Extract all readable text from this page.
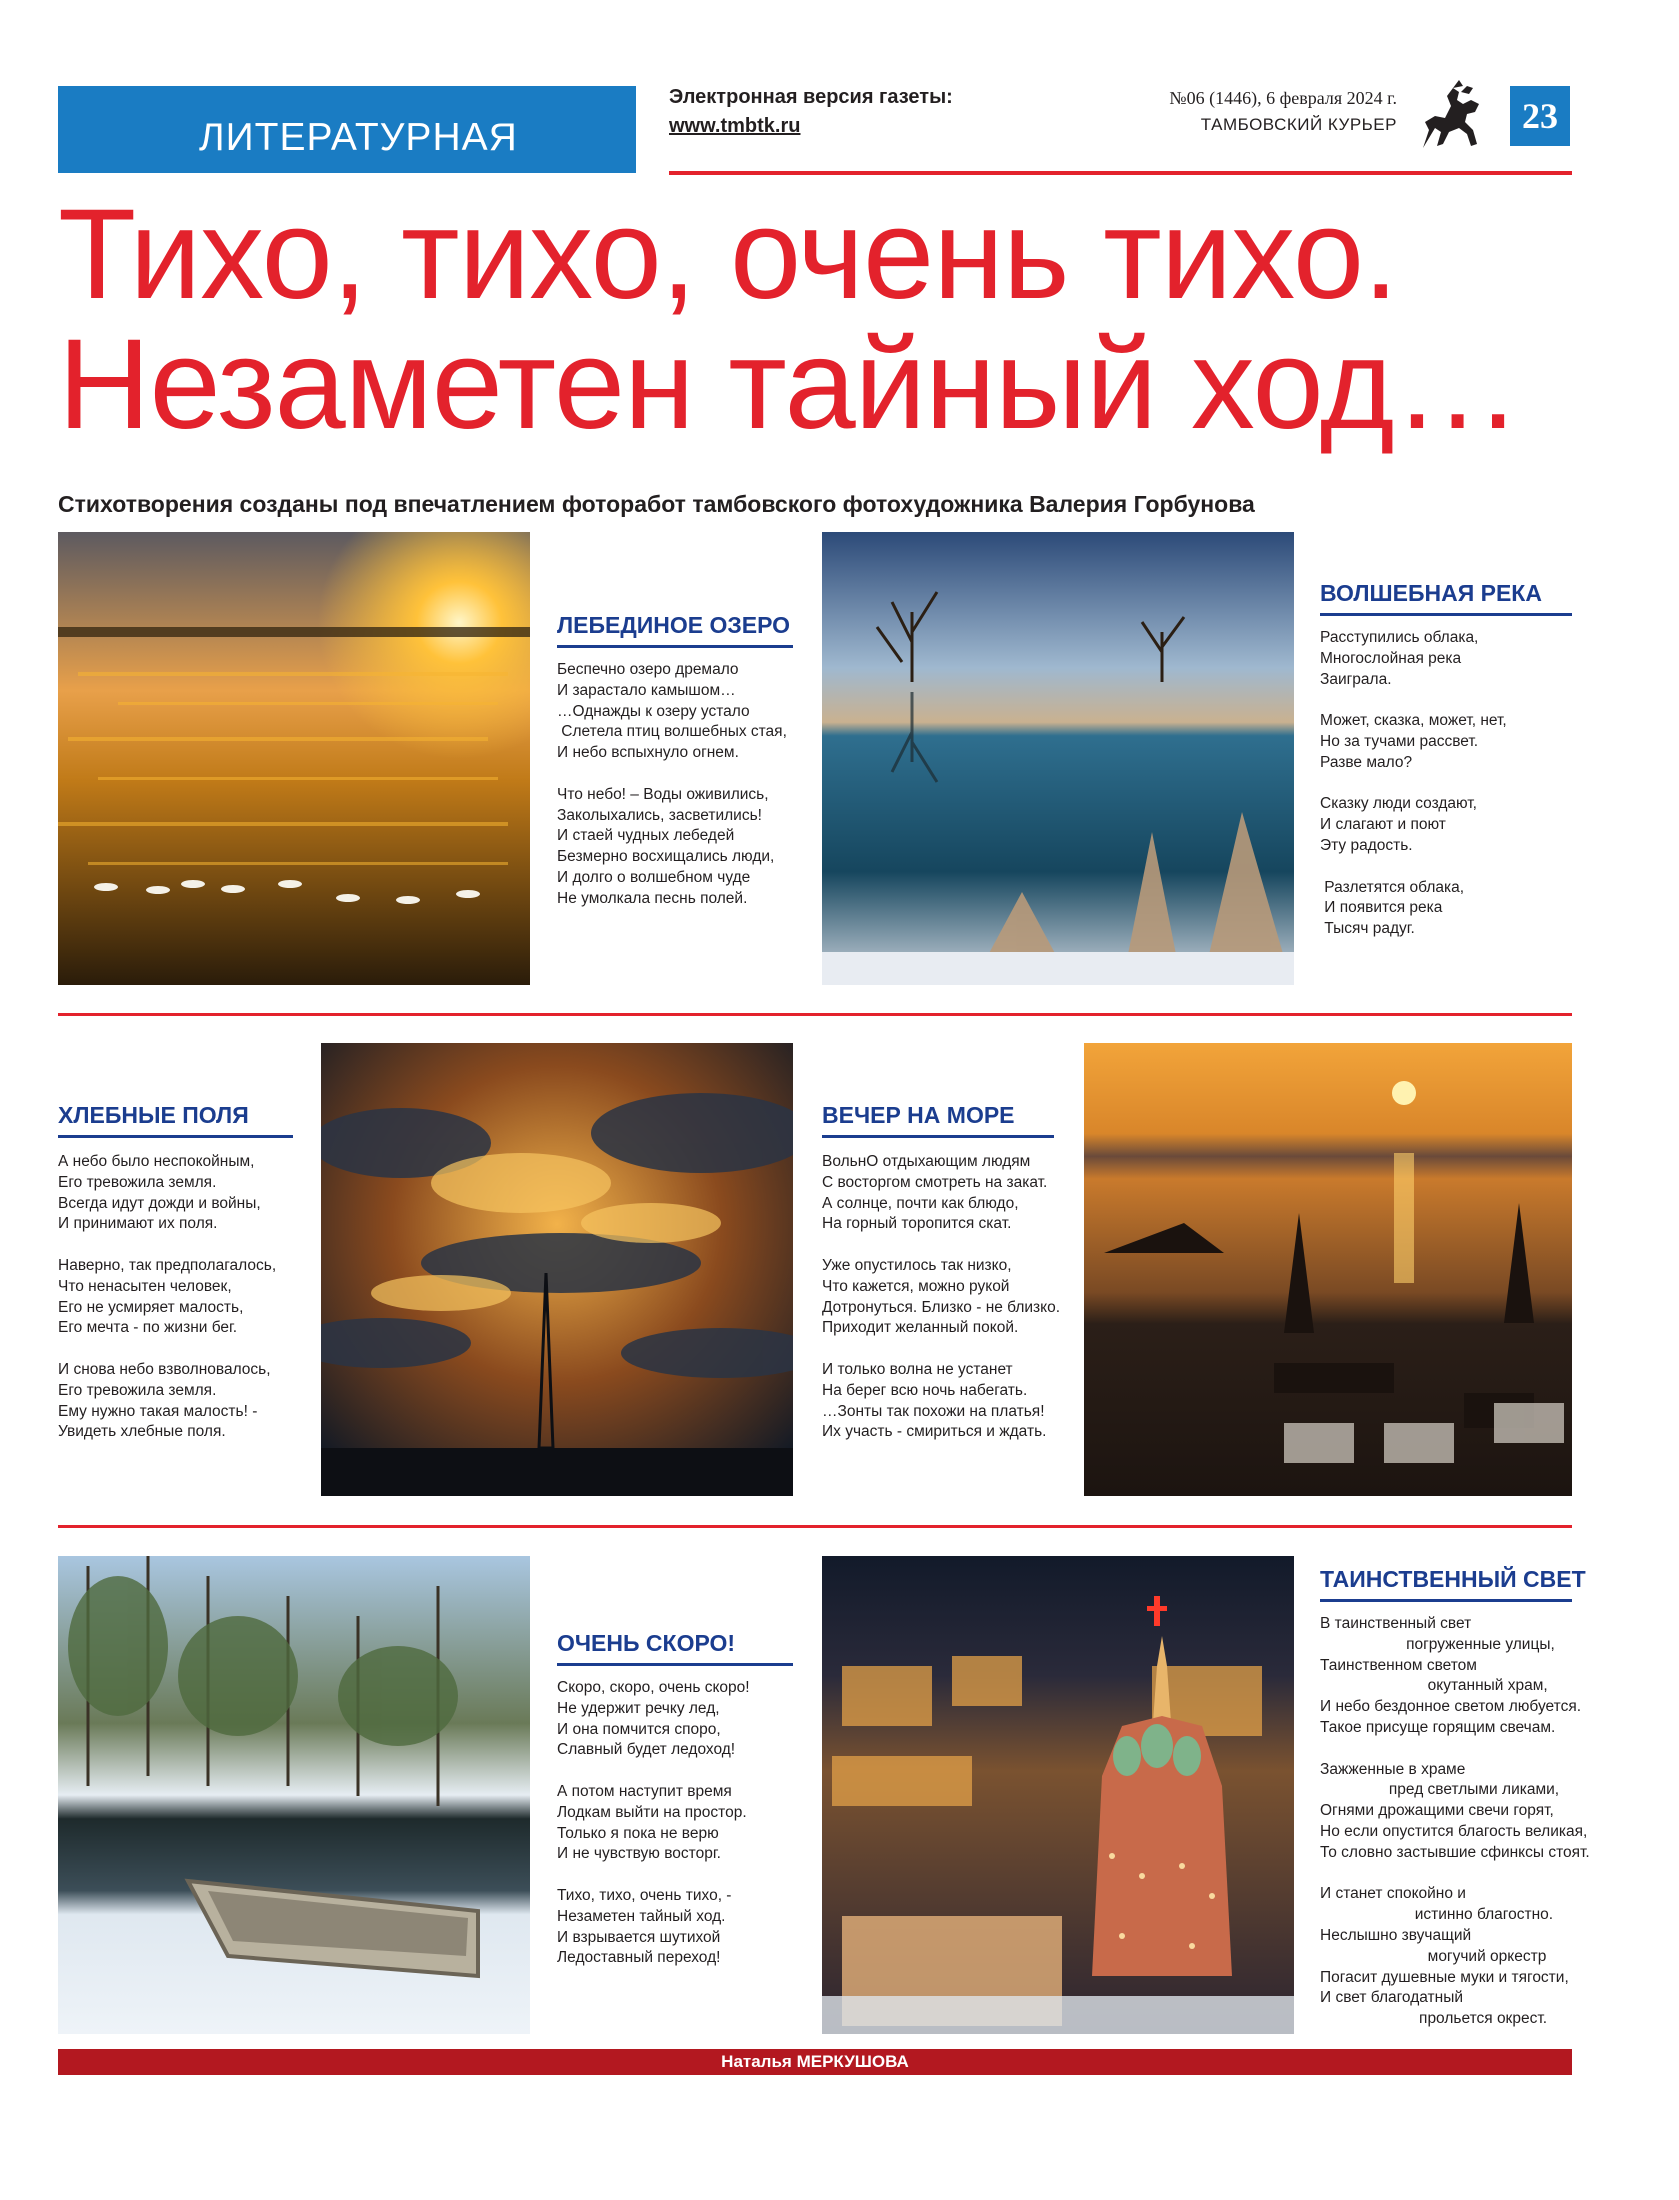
ЛИТЕРАТУРНАЯ
Электронная версия газеты:
www.tmbtk.ru
№06 (1446), 6 февраля 2024 г.
ТАМБОВСКИЙ КУРЬЕР	23
Тихо, тихо, очень тихо.
Незаметен тайный ход…
Стихотворения созданы под впечатлением фоторабот тамбовского фотохудожника Валерия Горбунова
ЛЕБЕДИНОЕ ОЗЕРО
Беспечно озеро дремало
И зарастало камышом…
…Однажды к озеру устало
Слетела птиц волшебных стая,
И небо вспыхнуло огнем.

Что небо! – Воды оживились,
Заколыхались, засветились!
И стаей чудных лебедей
Безмерно восхищались люди,
И долго о волшебном чуде
Не умолкала песнь полей.
ВОЛШЕБНАЯ РЕКА
Расступились облака,
Многослойная река
Заиграла.

Может, сказка, может, нет,
Но за тучами рассвет.
Разве мало?

Сказку люди создают,
И слагают и поют
Эту радость.

Разлетятся облака,
И появится река
Тысяч радуг.
ХЛЕБНЫЕ ПОЛЯ
А небо было неспокойным,
Его тревожила земля.
Всегда идут дожди и войны,
И принимают их поля.

Наверно, так предполагалось,
Что ненасытен человек,
Его не усмиряет малость,
Его мечта - по жизни бег.

И снова небо взволновалось,
Его тревожила земля.
Ему нужно такая малость! -
Увидеть хлебные поля.
ВЕЧЕР НА МОРЕ
ВольнО отдыхающим людям
С восторгом смотреть на закат.
А солнце, почти как блюдо,
На горный торопится скат.

Уже опустилось так низко,
Что кажется, можно рукой
Дотронуться. Близко - не близко.
Приходит желанный покой.

И только волна не устанет
На берег всю ночь набегать.
…Зонты так похожи на платья!
Их участь - смириться и ждать.
ОЧЕНЬ СКОРО!
Скоро, скоро, очень скоро!
Не удержит речку лед,
И она помчится споро,
Славный будет ледоход!

А потом наступит время
Лодкам выйти на простор.
Только я пока не верю
И не чувствую восторг.

Тихо, тихо, очень тихо, -
Незаметен тайный ход.
И взрывается шутихой
Ледоставный переход!
ТАИНСТВЕННЫЙ СВЕТ
В таинственный свет
погруженные улицы,
Таинственном светом
окутанный храм,
И небо бездонное светом любуется.
Такое присуще горящим свечам.

Зажженные в храме
пред светлыми ликами,
Огнями дрожащими свечи горят,
Но если опустится благость великая,
То словно застывшие сфинксы стоят.

И станет спокойно и
истинно благостно.
Неслышно звучащий
могучий оркестр
Погасит душевные муки и тягости,
И свет благодатный
прольется окрест.
Наталья МЕРКУШОВА
